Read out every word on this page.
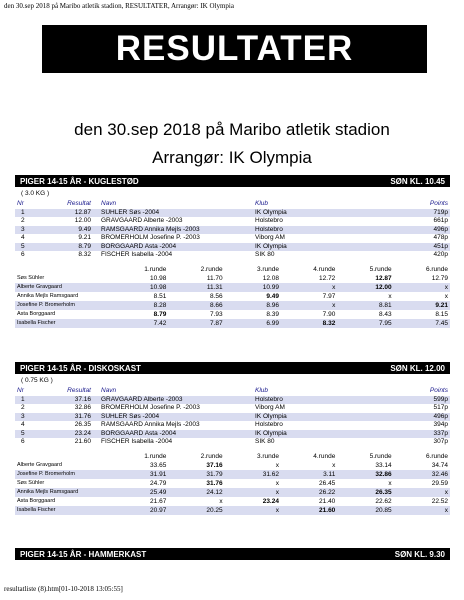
den 30.sep 2018 på Maribo atletik stadion, RESULTATER, Arrangør: IK Olympia
RESULTATER
den 30.sep 2018 på Maribo atletik stadion
Arrangør: IK Olympia
PIGER 14-15 ÅR - KUGLESTØD	SØN KL. 10.45
( 3.0 KG )
Nr	Resultat	Navn	Klub	Points
1	12.87	SÜHLER Søs -2004	IK Olympia	719p
2	12.00	GRAVGAARD Alberte -2003	Holstebro	661p
3	9.49	RAMSGAARD Annika Mejls -2003	Holstebro	496p
4	9.21	BROMERHOLM Josefine P. -2003	Viborg AM	478p
5	8.79	BORGGAARD Asta -2004	IK Olympia	451p
6	8.32	FISCHER Isabella -2004	SIK 80	420p
	1.runde	2.runde	3.runde	4.runde	5.runde	6.runde
Søs Sühler	10.98	11.70	12.08	12.72	12.87	12.79
Alberte Gravgaard	10.98	11.31	10.99	x	12.00	x
Annika Mejls Ramsgaard	8.51	8.56	9.49	7.97	x	x
Josefine P. Bromerholm	8.28	8.66	8.96	x	8.81	9.21
Asta Borggaard	8.79	7.93	8.39	7.90	8.43	8.15
Isabella Fischer	7.42	7.87	6.99	8.32	7.95	7.45
PIGER 14-15 ÅR - DISKOSKAST	SØN KL. 12.00
( 0.75 KG )
Nr	Resultat	Navn	Klub	Points
1	37.16	GRAVGAARD Alberte -2003	Holstebro	599p
2	32.86	BROMERHOLM Josefine P. -2003	Viborg AM	517p
3	31.76	SÜHLER Søs -2004	IK Olympia	496p
4	26.35	RAMSGAARD Annika Mejls -2003	Holstebro	394p
5	23.24	BORGGAARD Asta -2004	IK Olympia	337p
6	21.60	FISCHER Isabella -2004	SIK 80	307p
	1.runde	2.runde	3.runde	4.runde	5.runde	6.runde
Alberte Gravgaard	33.65	37.16	x	x	33.14	34.74
Josefine P. Bromerholm	31.91	31.79	31.62	3.11	32.86	32.46
Søs Sühler	24.79	31.76	x	26.45	x	29.59
Annika Mejls Ramsgaard	25.49	24.12	x	26.22	26.35	x
Asta Borggaard	21.67	x	23.24	21.40	22.62	22.52
Isabella Fischer	20.97	20.25	x	21.60	20.85	x
PIGER 14-15 ÅR - HAMMERKAST	SØN KL. 9.30
resultatliste (8).htm[01-10-2018 13:05:55]
